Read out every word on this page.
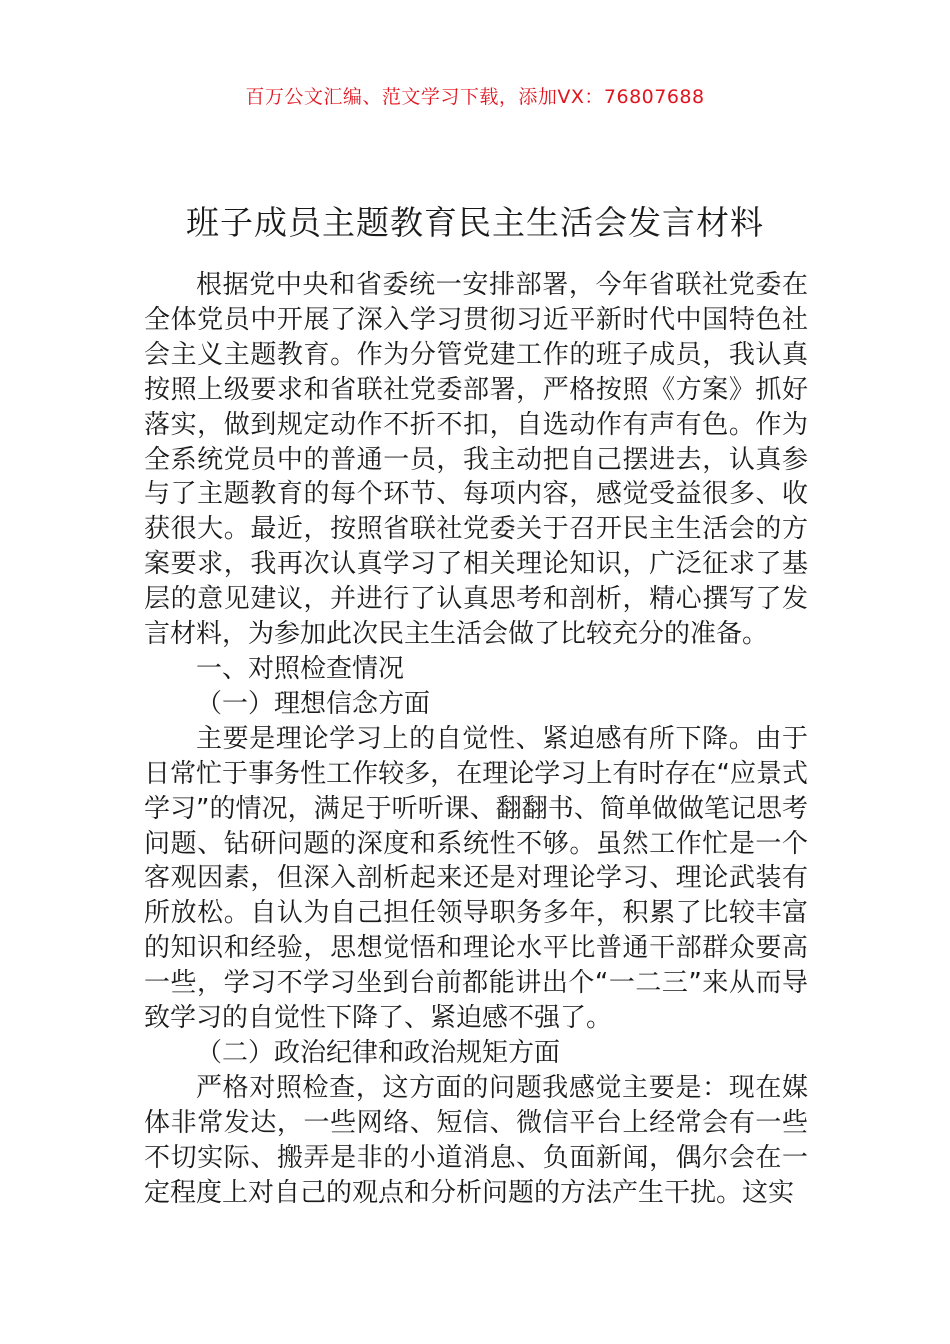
百万公文汇编、范文学习下载，添加VX：76807688
班子成员主题教育民主生活会发言材料

根据党中央和省委统一安排部署，今年省联社党委在全体党员中开展了深入学习贯彻习近平新时代中国特色社会主义主题教育。作为分管党建工作的班子成员，我认真按照上级要求和省联社党委部署，严格按照《方案》抓好落实，做到规定动作不折不扣，自选动作有声有色。作为全系统党员中的普通一员，我主动把自己摆进去，认真参与了主题教育的每个环节、每项内容，感觉受益很多、收获很大。最近，按照省联社党委关于召开民主生活会的方案要求，我再次认真学习了相关理论知识，广泛征求了基层的意见建议，并进行了认真思考和剖析，精心撰写了发言材料，为参加此次民主生活会做了比较充分的准备。

一、对照检查情况

（一）理想信念方面

主要是理论学习上的自觉性、紧迫感有所下降。由于日常忙于事务性工作较多，在理论学习上有时存在“应景式学习”的情况，满足于听听课、翻翻书、简单做做笔记思考问题、钻研问题的深度和系统性不够。虽然工作忙是一个客观因素，但深入剖析起来还是对理论学习、理论武装有所放松。自认为自己担任领导职务多年，积累了比较丰富的知识和经验，思想觉悟和理论水平比普通干部群众要高一些，学习不学习坐到台前都能讲出个“一二三”来从而导致学习的自觉性下降了、紧迫感不强了。

（二）政治纪律和政治规矩方面

严格对照检查，这方面的问题我感觉主要是：现在媒体非常发达，一些网络、短信、微信平台上经常会有一些不切实际、搬弄是非的小道消息、负面新闻，偶尔会在一定程度上对自己的观点和分析问题的方法产生干扰。这实
